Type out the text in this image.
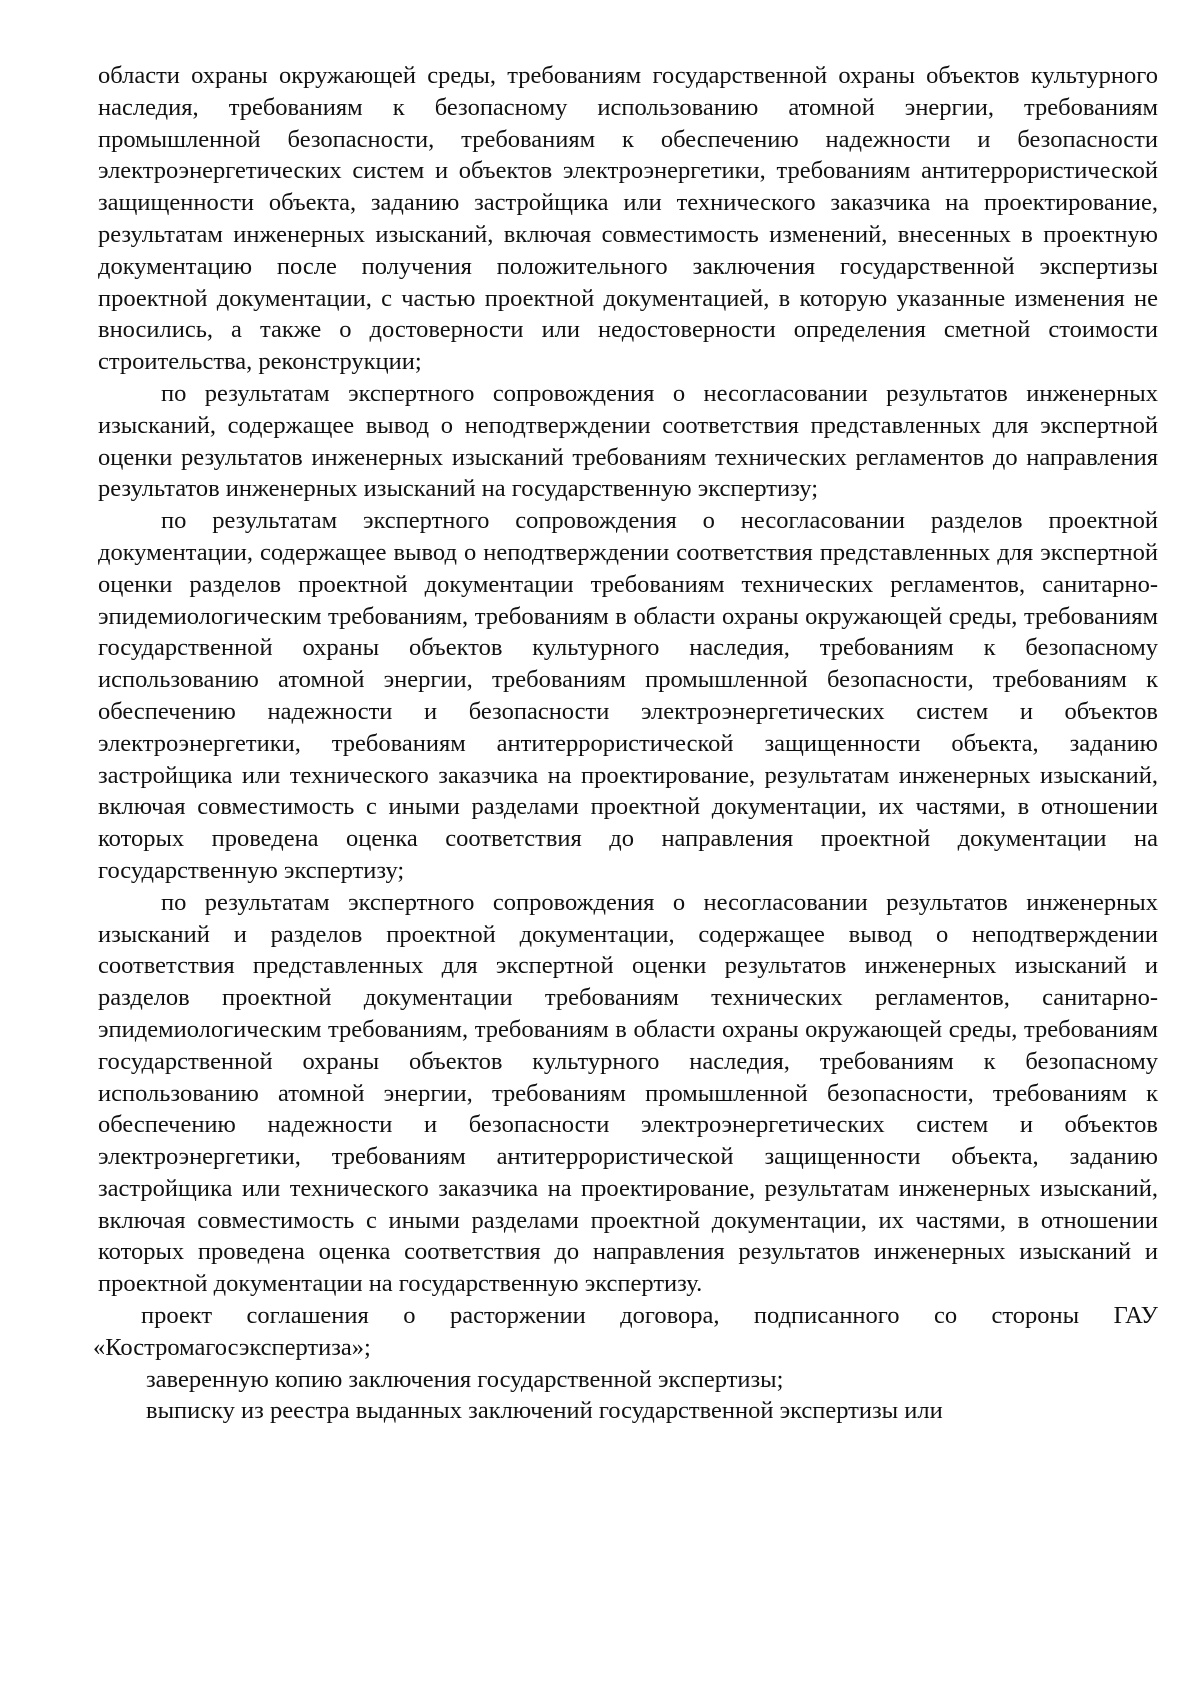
области охраны окружающей среды, требованиям государственной охраны объектов культурного наследия, требованиям к безопасному использованию атомной энергии, требованиям промышленной безопасности, требованиям к обеспечению надежности и безопасности электроэнергетических систем и объектов электроэнергетики, требованиям антитеррористической защищенности объекта, заданию застройщика или технического заказчика на проектирование, результатам инженерных изысканий, включая совместимость изменений, внесенных в проектную документацию после получения положительного заключения государственной экспертизы проектной документации, с частью проектной документацией, в которую указанные изменения не вносились, а также о достоверности или недостоверности определения сметной стоимости строительства, реконструкции;

по результатам экспертного сопровождения о несогласовании результатов инженерных изысканий, содержащее вывод о неподтверждении соответствия представленных для экспертной оценки результатов инженерных изысканий требованиям технических регламентов до направления результатов инженерных изысканий на государственную экспертизу;

по результатам экспертного сопровождения о несогласовании разделов проектной документации, содержащее вывод о неподтверждении соответствия представленных для экспертной оценки разделов проектной документации требованиям технических регламентов, санитарно-эпидемиологическим требованиям, требованиям в области охраны окружающей среды, требованиям государственной охраны объектов культурного наследия, требованиям к безопасному использованию атомной энергии, требованиям промышленной безопасности, требованиям к обеспечению надежности и безопасности электроэнергетических систем и объектов электроэнергетики, требованиям антитеррористической защищенности объекта, заданию застройщика или технического заказчика на проектирование, результатам инженерных изысканий, включая совместимость с иными разделами проектной документации, их частями, в отношении которых проведена оценка соответствия до направления проектной документации на государственную экспертизу;

по результатам экспертного сопровождения о несогласовании результатов инженерных изысканий и разделов проектной документации, содержащее вывод о неподтверждении соответствия представленных для экспертной оценки результатов инженерных изысканий и разделов проектной документации требованиям технических регламентов, санитарно-эпидемиологическим требованиям, требованиям в области охраны окружающей среды, требованиям государственной охраны объектов культурного наследия, требованиям к безопасному использованию атомной энергии, требованиям промышленной безопасности, требованиям к обеспечению надежности и безопасности электроэнергетических систем и объектов электроэнергетики, требованиям антитеррористической защищенности объекта, заданию застройщика или технического заказчика на проектирование, результатам инженерных изысканий, включая совместимость с иными разделами проектной документации, их частями, в отношении которых проведена оценка соответствия до направления результатов инженерных изысканий и проектной документации на государственную экспертизу.

проект соглашения о расторжении договора, подписанного со стороны ГАУ «Костромагосэкспертиза»;

заверенную копию заключения государственной экспертизы;

выписку из реестра выданных заключений государственной экспертизы или
